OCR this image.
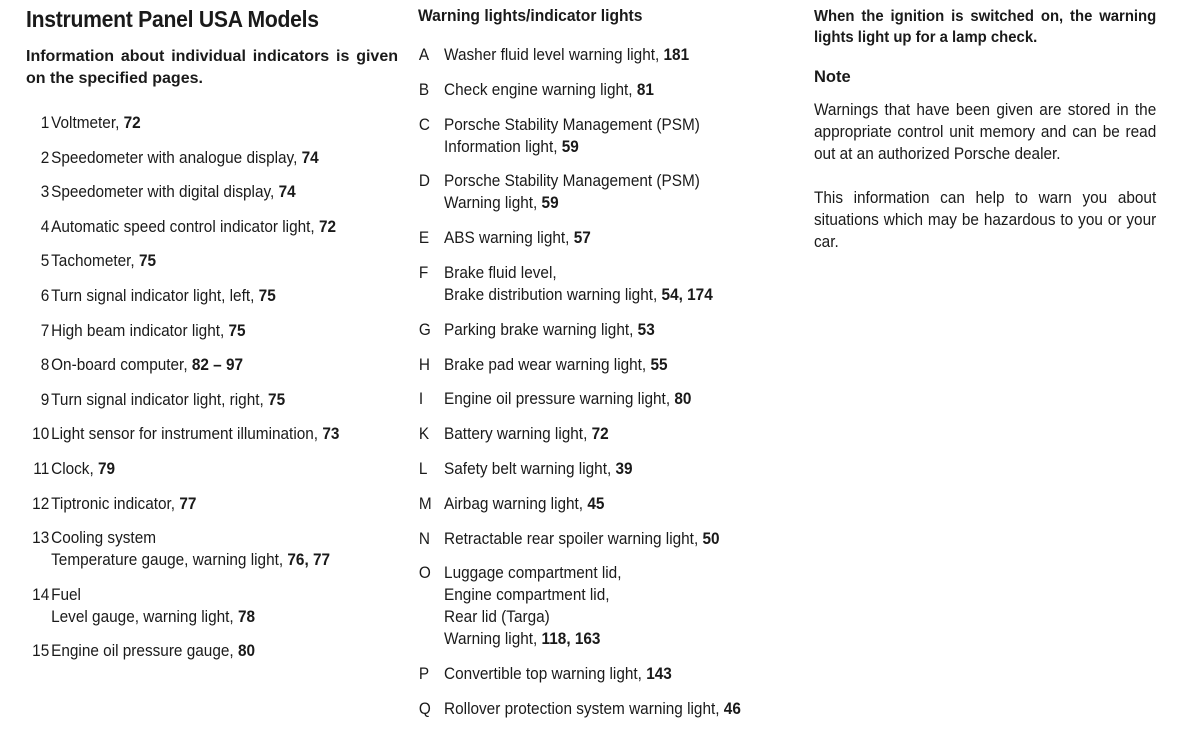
Instrument Panel USA Models
Information about individual indicators is given on the specified pages.
1 Voltmeter, 72
2 Speedometer with analogue display, 74
3 Speedometer with digital display, 74
4 Automatic speed control indicator light, 72
5 Tachometer, 75
6 Turn signal indicator light, left, 75
7 High beam indicator light, 75
8 On-board computer, 82 – 97
9 Turn signal indicator light, right, 75
10 Light sensor for instrument illumination, 73
11 Clock, 79
12 Tiptronic indicator, 77
13 Cooling system
Temperature gauge, warning light, 76, 77
14 Fuel
Level gauge, warning light, 78
15 Engine oil pressure gauge, 80
Warning lights/indicator lights
A Washer fluid level warning light, 181
B Check engine warning light, 81
C Porsche Stability Management (PSM)
Information light, 59
D Porsche Stability Management (PSM)
Warning light, 59
E ABS warning light, 57
F Brake fluid level,
Brake distribution warning light, 54, 174
G Parking brake warning light, 53
H Brake pad wear warning light, 55
I	Engine oil pressure warning light, 80
K Battery warning light, 72
L	Safety belt warning light, 39
M Airbag warning light, 45
N Retractable rear spoiler warning light, 50
O Luggage compartment lid,
Engine compartment lid,
Rear lid (Targa)
Warning light, 118, 163
P Convertible top warning light, 143
Q Rollover protection system warning light, 46
When the ignition is switched on, the warning lights light up for a lamp check.
Note
Warnings that have been given are stored in the appropriate control unit memory and can be read out at an authorized Porsche dealer.
This information can help to warn you about situations which may be hazardous to you or your car.
